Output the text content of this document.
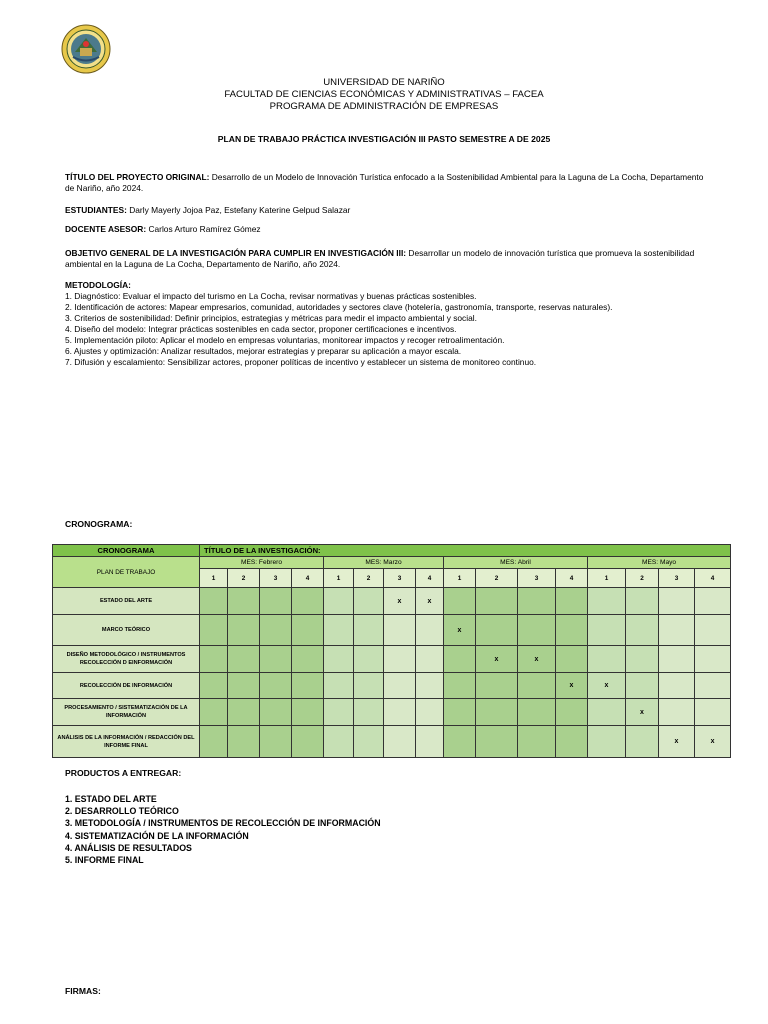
UNIVERSIDAD DE NARIÑO
FACULTAD DE CIENCIAS ECONÓMICAS Y ADMINISTRATIVAS – FACEA
PROGRAMA DE ADMINISTRACIÓN DE EMPRESAS
PLAN DE TRABAJO PRÁCTICA INVESTIGACIÓN III PASTO SEMESTRE A DE 2025
TÍTULO DEL PROYECTO ORIGINAL: Desarrollo de un Modelo de Innovación Turística enfocado a la Sostenibilidad Ambiental para la Laguna de La Cocha, Departamento de Nariño, año 2024.
ESTUDIANTES: Darly Mayerly Jojoa Paz, Estefany Katerine Gelpud Salazar
DOCENTE ASESOR: Carlos Arturo Ramírez Gómez
OBJETIVO GENERAL DE LA INVESTIGACIÓN PARA CUMPLIR EN INVESTIGACIÓN III: Desarrollar un modelo de innovación turística que promueva la sostenibilidad ambiental en la Laguna de La Cocha, Departamento de Nariño, año 2024.
METODOLOGÍA:
1. Diagnóstico: Evaluar el impacto del turismo en La Cocha, revisar normativas y buenas prácticas sostenibles.
2. Identificación de actores: Mapear empresarios, comunidad, autoridades y sectores clave (hotelería, gastronomía, transporte, reservas naturales).
3. Criterios de sostenibilidad: Definir principios, estrategias y métricas para medir el impacto ambiental y social.
4. Diseño del modelo: Integrar prácticas sostenibles en cada sector, proponer certificaciones e incentivos.
5. Implementación piloto: Aplicar el modelo en empresas voluntarias, monitorear impactos y recoger retroalimentación.
6. Ajustes y optimización: Analizar resultados, mejorar estrategias y preparar su aplicación a mayor escala.
7. Difusión y escalamiento: Sensibilizar actores, proponer políticas de incentivo y establecer un sistema de monitoreo continuo.
CRONOGRAMA:
CRONOGRAMA	TÍTULO DE LA INVESTIGACIÓN:															
PLAN DE TRABAJO	MES: Febrero				MES: Marzo				MES: Abril				MES: Mayo			
	1	2	3	4	1	2	3	4	1	2	3	4	1	2	3	4
ESTADO DEL ARTE							x	x								
MARCO TEÓRICO									x							
DISEÑO METODOLÓGICO / INSTRUMENTOS RECOLECCIÓN D EINFORMACIÓN										x	x					
RECOLECCIÓN DE INFORMACIÓN												x	x			
PROCESAMIENTO / SISTEMATIZACIÓN DE LA INFORMACIÓN														x		
ANÁLISIS DE LA INFORMACIÓN / REDACCIÓN DEL INFORME FINAL															x	x
PRODUCTOS A ENTREGAR:
1. ESTADO DEL ARTE
2. DESARROLLO TEÓRICO
3. METODOLOGÍA / INSTRUMENTOS DE RECOLECCIÓN DE INFORMACIÓN
4. SISTEMATIZACIÓN DE LA INFORMACIÓN
4. ANÁLISIS DE RESULTADOS
5. INFORME FINAL
FIRMAS:
